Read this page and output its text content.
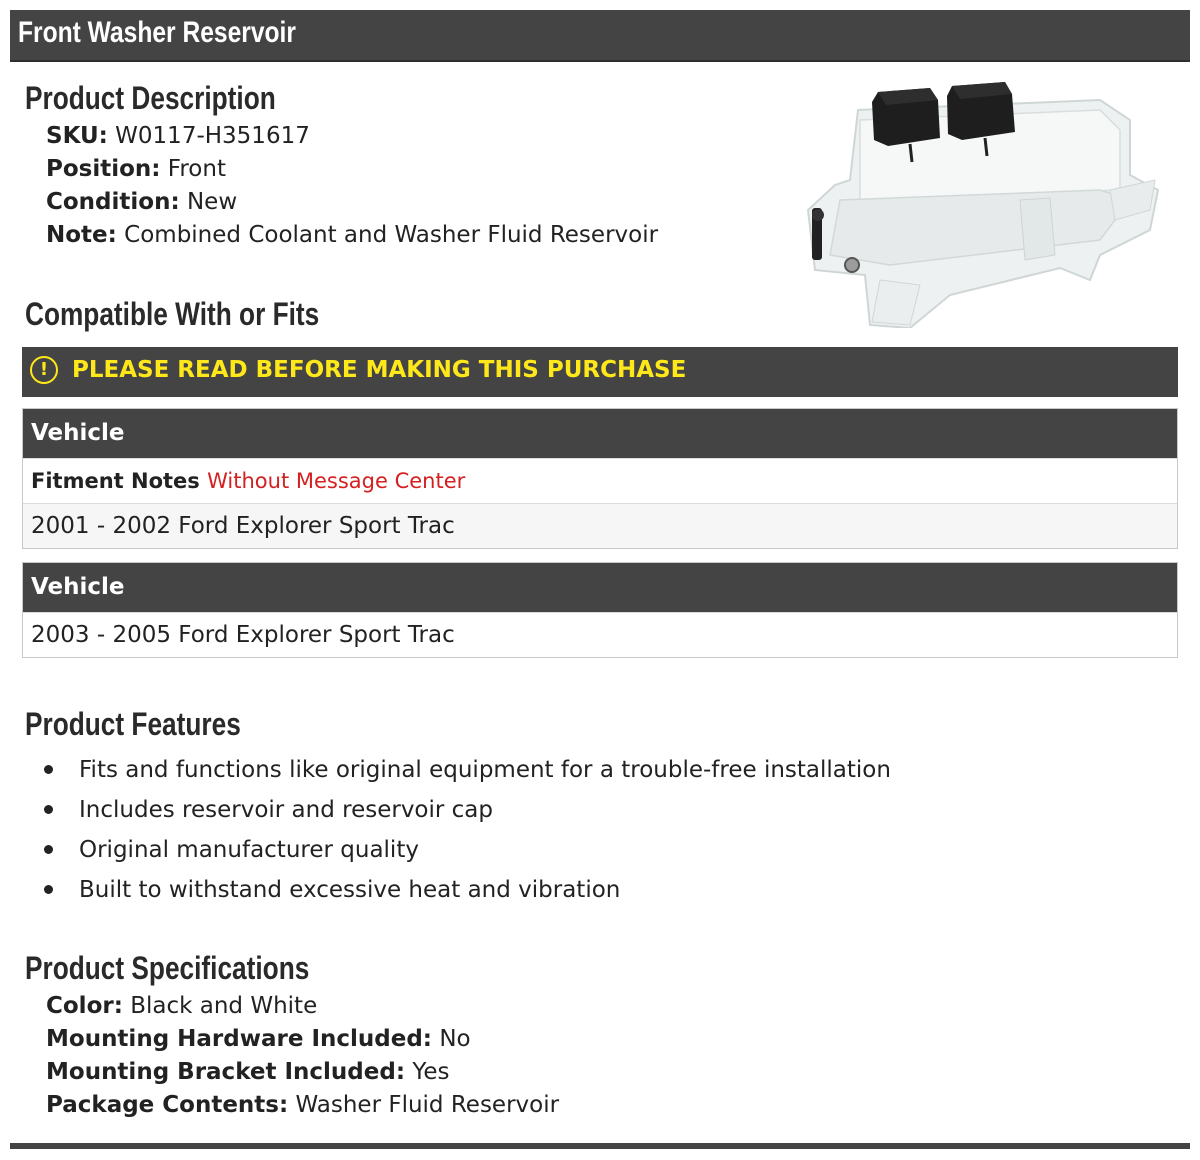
Front Washer Reservoir
Product Description
SKU: W0117-H351617
Position: Front
Condition: New
Note: Combined Coolant and Washer Fluid Reservoir
Compatible With or Fits
!	PLEASE READ BEFORE MAKING THIS PURCHASE
Vehicle
Fitment Notes Without Message Center
2001 - 2002 Ford Explorer Sport Trac
Vehicle
2003 - 2005 Ford Explorer Sport Trac
Product Features
Fits and functions like original equipment for a trouble-free installation
Includes reservoir and reservoir cap
Original manufacturer quality
Built to withstand excessive heat and vibration
Product Specifications
Color: Black and White
Mounting Hardware Included: No
Mounting Bracket Included: Yes
Package Contents: Washer Fluid Reservoir
